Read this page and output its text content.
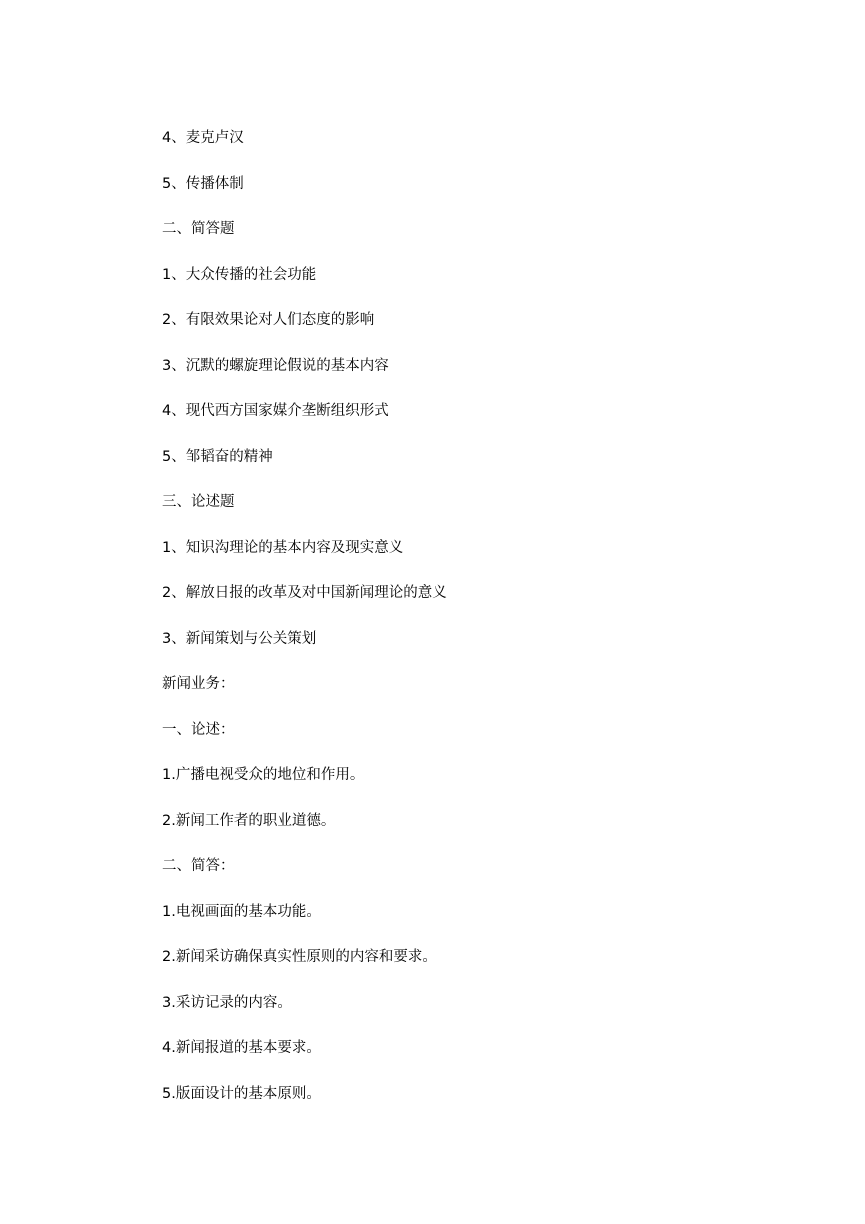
4、麦克卢汉
5、传播体制
二、简答题
1、大众传播的社会功能
2、有限效果论对人们态度的影响
3、沉默的螺旋理论假说的基本内容
4、现代西方国家媒介垄断组织形式
5、邹韬奋的精神
三、论述题
1、知识沟理论的基本内容及现实意义
2、解放日报的改革及对中国新闻理论的意义
3、新闻策划与公关策划
新闻业务：
一、论述：
1.广播电视受众的地位和作用。
2.新闻工作者的职业道德。
二、简答：
1.电视画面的基本功能。
2.新闻采访确保真实性原则的内容和要求。
3.采访记录的内容。
4.新闻报道的基本要求。
5.版面设计的基本原则。
